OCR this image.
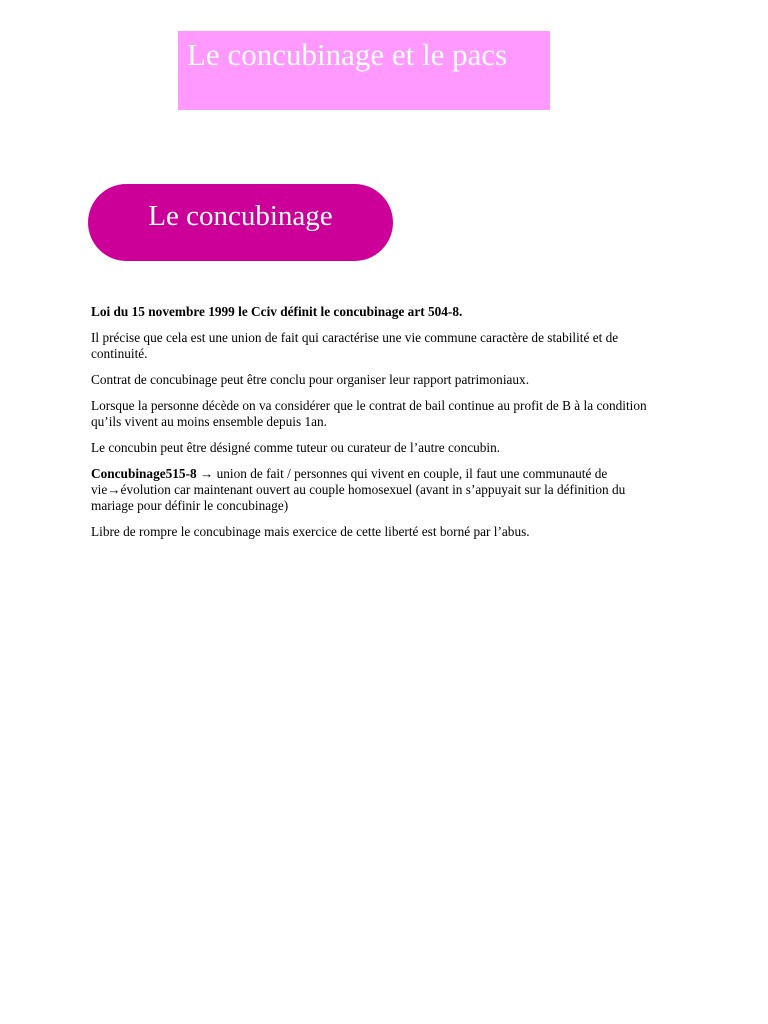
Le concubinage et le pacs
Le concubinage

Loi du 15 novembre 1999 le Cciv définit le concubinage art 504-8.

Il précise que cela est une union de fait qui caractérise une vie commune caractère de stabilité et de continuité.

Contrat de concubinage peut être conclu pour organiser leur rapport patrimoniaux.

Lorsque la personne décède on va considérer que le contrat de bail continue au profit de B à la condition qu’ils vivent au moins ensemble depuis 1an.

Le concubin peut être désigné comme tuteur ou curateur de l’autre concubin.

Concubinage515-8 → union de fait / personnes qui vivent en couple, il faut une communauté de vie→évolution car maintenant ouvert au couple homosexuel (avant in s’appuyait sur la définition du mariage pour définir le concubinage)

Libre de rompre le concubinage mais exercice de cette liberté est borné par l’abus.
